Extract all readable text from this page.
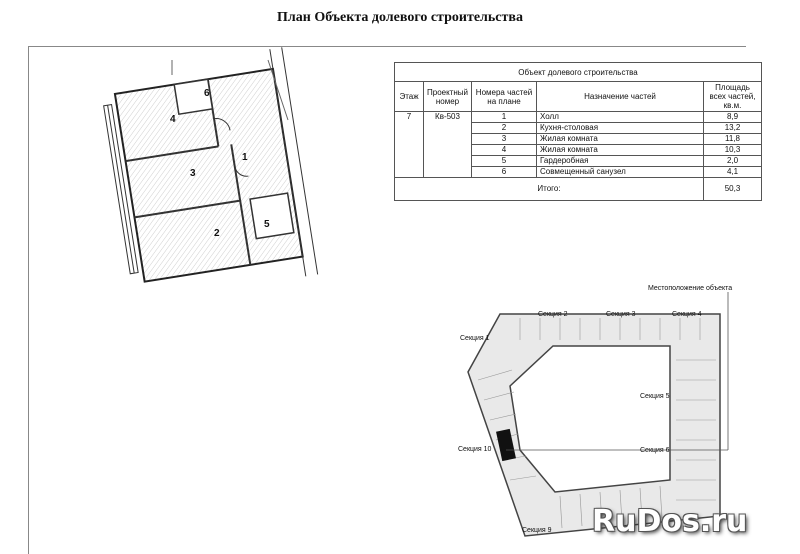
План Объекта долевого строительства
Объект долевого строительства				
Этаж	Проектный номер	Номера частей на плане	Назначение частей	Площадь всех частей, кв.м.
7	Кв-503	1	Холл	8,9
		2	Кухня-столовая	13,2
		3	Жилая комната	11,8
		4	Жилая комната	10,3
		5	Гардеробная	2,0
		6	Совмещенный санузел	4,1
Итого:				50,3
1
2
3
4
5
6
Местоположение объекта
Секция 1
Секция 2	Секция 3	Секция 4
Секция 5
Секция 6
Секция 9
Секция 10
RuDos.ru
